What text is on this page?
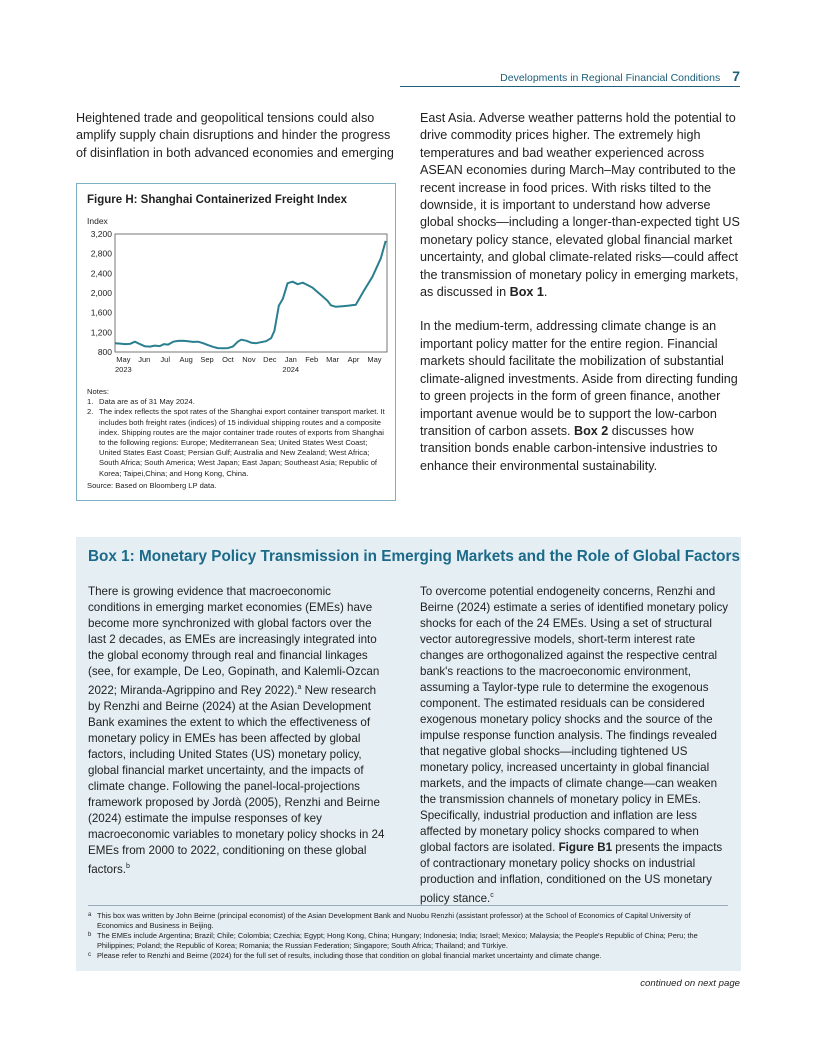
Developments in Regional Financial Conditions 7
Heightened trade and geopolitical tensions could also amplify supply chain disruptions and hinder the progress of disinflation in both advanced economies and emerging

East Asia. Adverse weather patterns hold the potential to drive commodity prices higher. The extremely high temperatures and bad weather experienced across ASEAN economies during March–May contributed to the recent increase in food prices. With risks tilted to the downside, it is important to understand how adverse global shocks—including a longer-than-expected tight US monetary policy stance, elevated global financial market uncertainty, and global climate-related risks—could affect the transmission of monetary policy in emerging markets, as discussed in Box 1.

In the medium-term, addressing climate change is an important policy matter for the entire region. Financial markets should facilitate the mobilization of substantial climate-aligned investments. Aside from directing funding to green projects in the form of green finance, another important avenue would be to support the low-carbon transition of carbon assets. Box 2 discusses how transition bonds enable carbon-intensive industries to enhance their environmental sustainability.

Figure H: Shanghai Containerized Freight Index
Index
800
1,200
1,600
2,000
2,400
2,800
3,200
May
2023
Jun Jul Aug Sep Oct Nov Dec Jan
2024
Feb Mar Apr May
Notes:
1. Data are as of 31 May 2024.
2. The index reflects the spot rates of the Shanghai export container transport market. It includes both freight rates (indices) of 15 individual shipping routes and a composite index. Shipping routes are the major container trade routes of exports from Shanghai to the following regions: Europe; Mediterranean Sea; United States West Coast; United States East Coast; Persian Gulf; Australia and New Zealand; West Africa; South Africa; South America; West Japan; East Japan; Southeast Asia; Republic of Korea; Taipei,China; and Hong Kong, China.
Source: Based on Bloomberg LP data.
Box 1: Monetary Policy Transmission in Emerging Markets and the Role of Global Factors

There is growing evidence that macroeconomic conditions in emerging market economies (EMEs) have become more synchronized with global factors over the last 2 decades, as EMEs are increasingly integrated into the global economy through real and financial linkages (see, for example, De Leo, Gopinath, and Kalemli-Ozcan 2022; Miranda-Agrippino and Rey 2022).$^a$ New research by Renzhi and Beirne (2024) at the Asian Development Bank examines the extent to which the effectiveness of monetary policy in EMEs has been affected by global factors, including United States (US) monetary policy, global financial market uncertainty, and the impacts of climate change. Following the panel-local-projections framework proposed by Jordà (2005), Renzhi and Beirne (2024) estimate the impulse responses of key macroeconomic variables to monetary policy shocks in 24 EMEs from 2000 to 2022, conditioning on these global factors.$^b$

To overcome potential endogeneity concerns, Renzhi and Beirne (2024) estimate a series of identified monetary policy shocks for each of the 24 EMEs. Using a set of structural vector autoregressive models, short-term interest rate changes are orthogonalized against the respective central bank's reactions to the macroeconomic environment, assuming a Taylor-type rule to determine the exogenous component. The estimated residuals can be considered exogenous monetary policy shocks and the source of the impulse response function analysis. The findings revealed that negative global shocks—including tightened US monetary policy, increased uncertainty in global financial markets, and the impacts of climate change—can weaken the transmission channels of monetary policy in EMEs. Specifically, industrial production and inflation are less affected by monetary policy shocks compared to when global factors are isolated. Figure B1 presents the impacts of contractionary monetary policy shocks on industrial production and inflation, conditioned on the US monetary policy stance.$^c$

a This box was written by John Beirne (principal economist) of the Asian Development Bank and Nuobu Renzhi (assistant professor) at the School of Economics of Capital University of Economics and Business in Beijing.
b The EMEs include Argentina; Brazil; Chile; Colombia; Czechia; Egypt; Hong Kong, China; Hungary; Indonesia; India; Israel; Mexico; Malaysia; the People's Republic of China; Peru; the Philippines; Poland; the Republic of Korea; Romania; the Russian Federation; Singapore; South Africa; Thailand; and Türkiye.
c Please refer to Renzhi and Beirne (2024) for the full set of results, including those that condition on global financial market uncertainty and climate change.
continued on next page
